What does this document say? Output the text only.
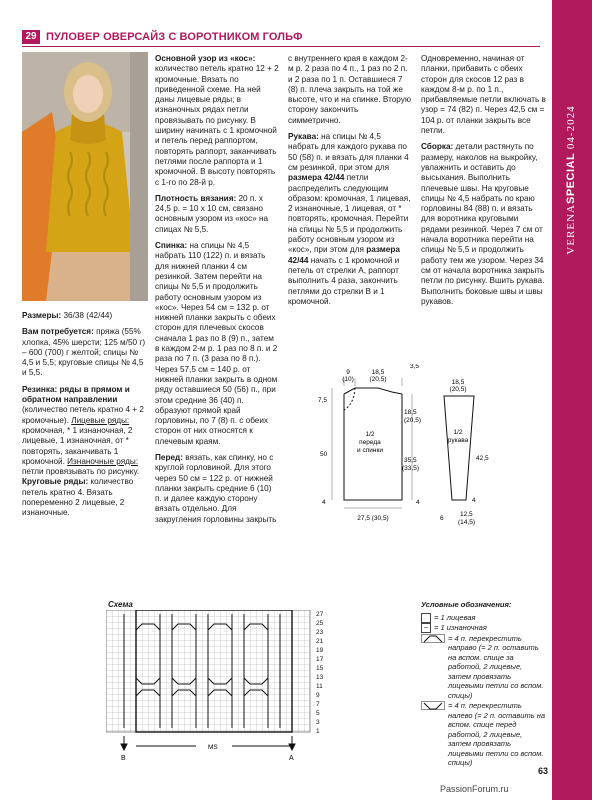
VERENASPECIAL 04-2024
29 ПУЛОВЕР ОВЕРСАЙЗ С ВОРОТНИКОМ ГОЛЬФ

Размеры: 36/38 (42/44)

Вам потребуется: пряжа (55% хлопка, 45% шерсти; 125 м/50 г) – 600 (700) г желтой; спицы № 4,5 и 5,5; круговые спицы № 4,5 и 5,5.

Резинка: ряды в прямом и обратном направлении (количество петель кратно 4 + 2 кромочные). Лицевые ряды: кромочная, * 1 изнаночная, 2 лицевые, 1 изнаночная, от * повторять, заканчивать 1 кромочной. Изнаночные ряды: петли провязывать по рисунку. Круговые ряды: количество петель кратно 4. Вязать попеременно 2 лицевые, 2 изнаночные.

Основной узор из «кос»: количество петель кратно 12 + 2 кромочные. Вязать по приведенной схеме. На ней даны лицевые ряды; в изнаночных рядах петли провязывать по рисунку. В ширину начинать с 1 кромочной и петель перед раппортом, повторять раппорт, заканчивать петлями после раппорта и 1 кромочной. В высоту повторять с 1-го по 28-й р.

Плотность вязания: 20 п. x 24,5 р. = 10 x 10 см, связано основным узором из «кос» на спицах № 5,5.

Спинка: на спицы № 4,5 набрать 110 (122) п. и вязать для нижней планки 4 см резинкой. Затем перейти на спицы № 5,5 и продолжить работу основным узором из «кос». Через 54 см = 132 р. от нижней планки закрыть с обеих сторон для плечевых скосов сначала 1 раз по 8 (9) п., затем в каждом 2-м р. 1 раз по 8 п. и 2 раза по 7 п. (3 раза по 8 п.). Через 57,5 см = 140 р. от нижней планки закрыть в одном ряду оставшиеся 50 (56) п., при этом средние 36 (40) п. образуют прямой край горловины, по 7 (8) п. с обеих сторон от них относятся к плечевым краям.

Перед: вязать, как спинку, но с круглой горловиной. Для этого через 50 см = 122 р. от нижней планки закрыть средние 6 (10) п. и далее каждую сторону вязать отдельно. Для закругления горловины закрыть

с внутреннего края в каждом 2-м р. 2 раза по 4 п., 1 раз по 2 п. и 2 раза по 1 п. Оставшиеся 7 (8) п. плеча закрыть на той же высоте, что и на спинке. Вторую сторону закончить симметрично.

Рукава: на спицы № 4,5 набрать для каждого рукава по 50 (58) п. и вязать для планки 4 см резинкой, при этом для размера 42/44 петли распределить следующим образом: кромочная, 1 лицевая, 2 изнаночные, 1 лицевая, от * повторять, кромочная. Перейти на спицы № 5,5 и продолжить работу основным узором из «кос», при этом для размера 42/44 начать с 1 кромочной и петель от стрелки A, раппорт выполнить 4 раза, закончить петлями до стрелки B и 1 кромочной.

Одновременно, начиная от планки, прибавить с обеих сторон для скосов 12 раз в каждом 8-м р. по 1 п., прибавляемые петли включать в узор = 74 (82) п. Через 42,5 см = 104 р. от планки закрыть все петли.

Сборка: детали растянуть по размеру, наколов на выкройку, увлажнить и оставить до высыхания. Выполнить плечевые швы. На круговые спицы № 4,5 набрать по краю горловины 84 (88) п. и вязать для воротника круговыми рядами резинкой. Через 7 см от начала воротника перейти на спицы № 5,5 и продолжить работу тем же узором. Через 34 см от начала воротника закрыть петли по рисунку. Вшить рукава. Выполнить боковые швы и швы рукавов.

1/2
переда
и спинки
9
(10)
18,5
(20,5)
3,5
7,5
18,5
(20,5)
50
35,5
(33,5)
4	4
27,5 (30,5)
18,5
(20,5)
1/2
рукава
42,5
4
6
12,5
(14,5)
Схема
27
25
23
21
19
17
15
13
11
9
7
5
3
1
B	A
MS
Условные обозначения:
= 1 лицевая
– = 1 изнаночная
= 4 п. перекрестить направо (= 2 п. оставить на вспом. спице за работой, 2 лицевые, затем провязать лицевыми петли со вспом. спицы)
= 4 п. перекрестить налево (= 2 п. оставить на вспом. спице перед работой, 2 лицевые, затем провязать лицевыми петли со вспом. спицы)
63
PassionForum.ru
